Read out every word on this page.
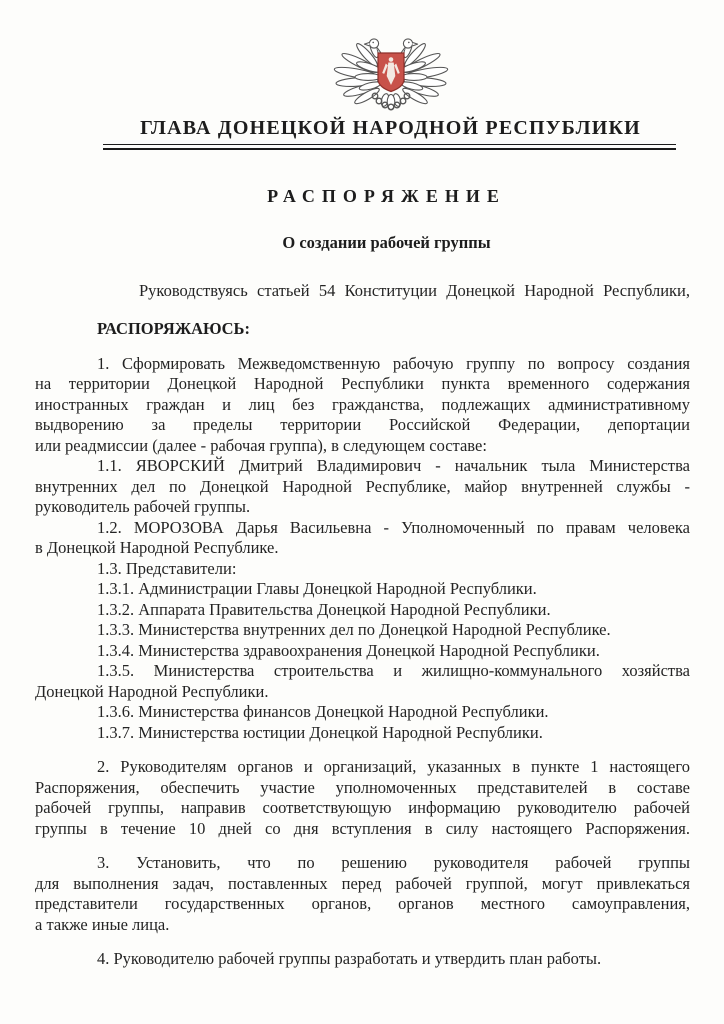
ГЛАВА ДОНЕЦКОЙ НАРОДНОЙ РЕСПУБЛИКИ
РАСПОРЯЖЕНИЕ
О создании рабочей группы
Руководствуясь статьей 54 Конституции Донецкой Народной Республики,
РАСПОРЯЖАЮСЬ:
1. Сформировать Межведомственную рабочую группу по вопросу создания
на территории Донецкой Народной Республики пункта временного содержания
иностранных граждан и лиц без гражданства, подлежащих административному
выдворению за пределы территории Российской Федерации, депортации
или реадмиссии (далее - рабочая группа), в следующем составе:
1.1. ЯВОРСКИЙ Дмитрий Владимирович - начальник тыла Министерства
внутренних дел по Донецкой Народной Республике, майор внутренней службы -
руководитель рабочей группы.
1.2. МОРОЗОВА Дарья Васильевна - Уполномоченный по правам человека
в Донецкой Народной Республике.
1.3. Представители:
1.3.1. Администрации Главы Донецкой Народной Республики.
1.3.2. Аппарата Правительства Донецкой Народной Республики.
1.3.3. Министерства внутренних дел по Донецкой Народной Республике.
1.3.4. Министерства здравоохранения Донецкой Народной Республики.
1.3.5. Министерства строительства и жилищно-коммунального хозяйства
Донецкой Народной Республики.
1.3.6. Министерства финансов Донецкой Народной Республики.
1.3.7. Министерства юстиции Донецкой Народной Республики.
2. Руководителям органов и организаций, указанных в пункте 1 настоящего
Распоряжения, обеспечить участие уполномоченных представителей в составе
рабочей группы, направив соответствующую информацию руководителю рабочей
группы в течение 10 дней со дня вступления в силу настоящего Распоряжения.
3. Установить, что по решению руководителя рабочей группы
для выполнения задач, поставленных перед рабочей группой, могут привлекаться
представители государственных органов, органов местного самоуправления,
а также иные лица.
4. Руководителю рабочей группы разработать и утвердить план работы.
